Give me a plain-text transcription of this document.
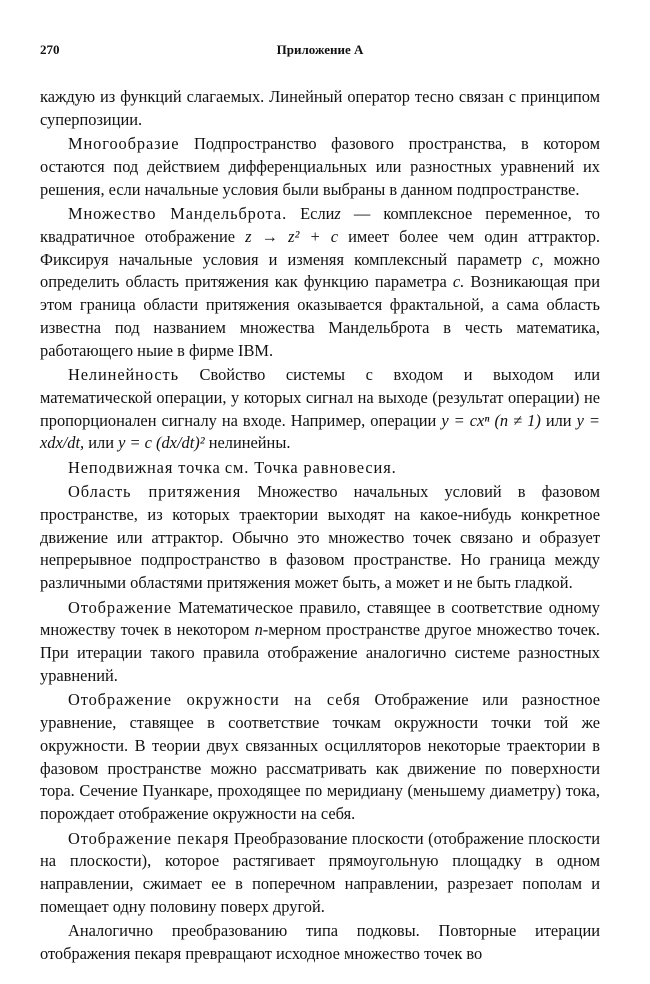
270	Приложение А

каждую из функций слагаемых. Линейный оператор тесно связан с принципом суперпозиции.

Многообразие Подпространство фазового пространства, в котором остаются под действием дифференциальных или разностных уравнений их решения, если начальные условия были выбраны в данном подпространстве.

Множество Мандельброта. Еслиz — комплексное переменное, то квадратичное отображение z → z² + c имеет более чем один аттрактор. Фиксируя начальные условия и изменяя комплексный параметр c, можно определить область притяжения как функцию параметра c. Возникающая при этом граница области притяжения оказывается фрактальной, а сама область известна под названием множества Мандельброта в честь математика, работающего ныие в фирме IBM.

Нелинейность Свойство системы с входом и выходом или математической операции, у которых сигнал на выходе (результат операции) не пропорционален сигналу на входе. Например, операции y = cxⁿ (n ≠ 1) или y = xdx/dt, или y = c (dx/dt)² нелинейны.

Неподвижная точка см. Точка равновесия.

Область притяжения Множество начальных условий в фазовом пространстве, из которых траектории выходят на какое-нибудь конкретное движение или аттрактор. Обычно это множество точек связано и образует непрерывное подпространство в фазовом пространстве. Но граница между различными областями притяжения может быть, а может и не быть гладкой.

Отображение Математическое правило, ставящее в соответствие одному множеству точек в некотором n-мерном пространстве другое множество точек. При итерации такого правила отображение аналогично системе разностных уравнений.

Отображение окружности на себя Отображение или разностное уравнение, ставящее в соответствие точкам окружности точки той же окружности. В теории двух связанных осцилляторов некоторые траектории в фазовом пространстве можно рассматривать как движение по поверхности тора. Сечение Пуанкаре, проходящее по меридиану (меньшему диаметру) тока, порождает отображение окружности на себя.

Отображение пекаря Преобразование плоскости (отображение плоскости на плоскости), которое растягивает прямоугольную площадку в одном направлении, сжимает ее в поперечном направлении, разрезает пополам и помещает одну половину поверх другой.

Аналогично преобразованию типа подковы. Повторные итерации отображения пекаря превращают исходное множество точек во
